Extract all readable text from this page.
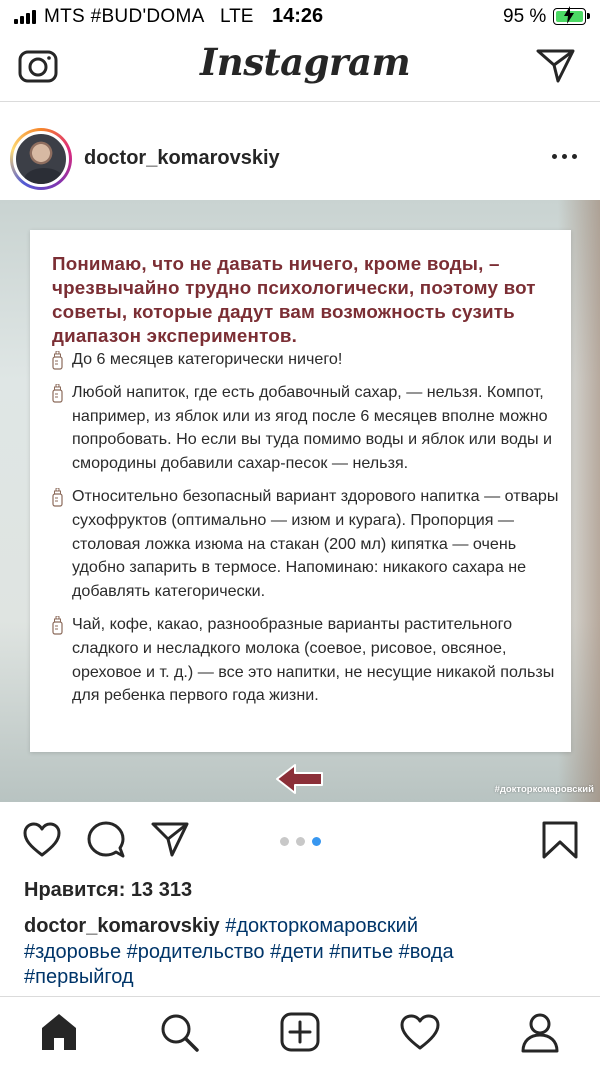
MTS #BUD'DOMA LTE 14:26	95 %
Instagram
doctor_komarovskiy
Понимаю, что не давать ничего, кроме воды, – чрезвычайно трудно психологически, поэтому вот советы, которые дадут вам возможность сузить диапазон экспериментов.
До 6 месяцев категорически ничего!
Любой напиток, где есть добавочный сахар, — нельзя. Компот, например, из яблок или из ягод после 6 месяцев вполне можно попробовать. Но если вы туда помимо воды и яблок или воды и смородины добавили сахар-песок — нельзя.
Относительно безопасный вариант здорового напитка — отвары сухофруктов (оптимально — изюм и курага). Пропорция — столовая ложка изюма на стакан (200 мл) кипятка — очень удобно запарить в термосе. Напоминаю: никакого сахара не добавлять категорически.
Чай, кофе, какао, разнообразные варианты растительного сладкого и несладкого молока (соевое, рисовое, овсяное, ореховое и т. д.) — все это напитки, не несущие никакой пользы для ребенка первого года жизни.
#докторкомаровский
Нравится: 13 313
doctor_komarovskiy #докторкомаровский
#здоровье #родительство #дети #питье #вода
#первыйгод
